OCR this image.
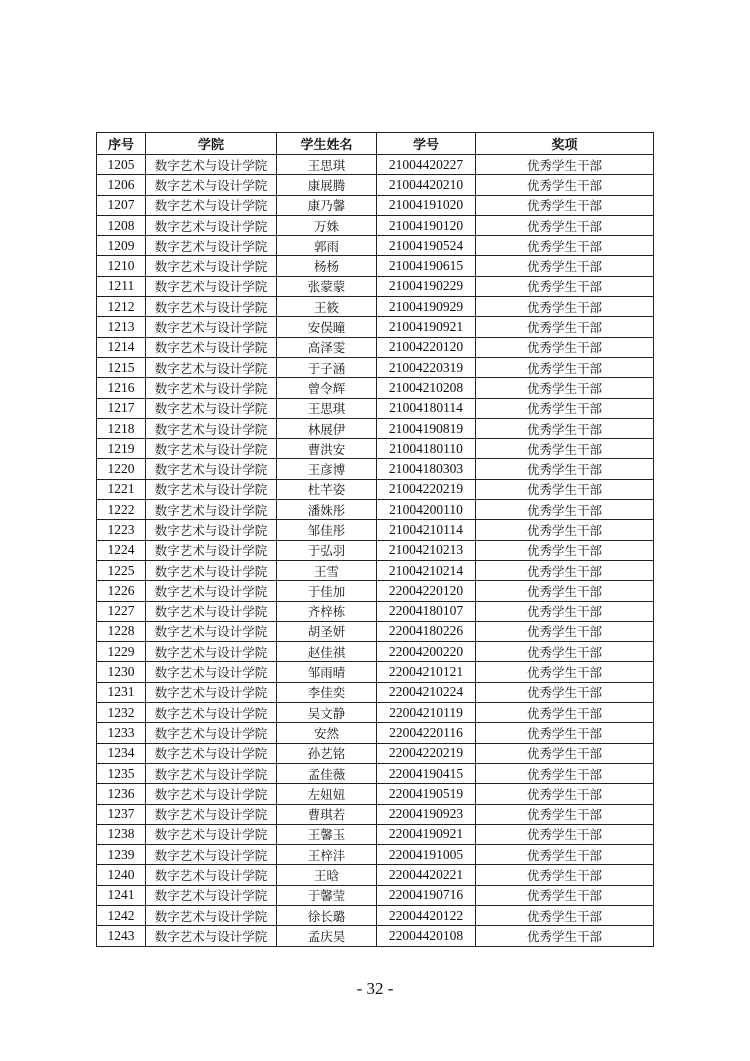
序号	学院	学生姓名	学号	奖项
1205	数字艺术与设计学院	王思琪	21004420227	优秀学生干部
1206	数字艺术与设计学院	康展腾	21004420210	优秀学生干部
1207	数字艺术与设计学院	康乃馨	21004191020	优秀学生干部
1208	数字艺术与设计学院	万姝	21004190120	优秀学生干部
1209	数字艺术与设计学院	郭雨	21004190524	优秀学生干部
1210	数字艺术与设计学院	杨杨	21004190615	优秀学生干部
1211	数字艺术与设计学院	张蒙蒙	21004190229	优秀学生干部
1212	数字艺术与设计学院	王筱	21004190929	优秀学生干部
1213	数字艺术与设计学院	安俣曈	21004190921	优秀学生干部
1214	数字艺术与设计学院	高泽雯	21004220120	优秀学生干部
1215	数字艺术与设计学院	于子涵	21004220319	优秀学生干部
1216	数字艺术与设计学院	曾令辉	21004210208	优秀学生干部
1217	数字艺术与设计学院	王思琪	21004180114	优秀学生干部
1218	数字艺术与设计学院	林展伊	21004190819	优秀学生干部
1219	数字艺术与设计学院	曹洪安	21004180110	优秀学生干部
1220	数字艺术与设计学院	王彦博	21004180303	优秀学生干部
1221	数字艺术与设计学院	杜芊姿	21004220219	优秀学生干部
1222	数字艺术与设计学院	潘姝彤	21004200110	优秀学生干部
1223	数字艺术与设计学院	邹佳彤	21004210114	优秀学生干部
1224	数字艺术与设计学院	于弘羽	21004210213	优秀学生干部
1225	数字艺术与设计学院	王雪	21004210214	优秀学生干部
1226	数字艺术与设计学院	于佳加	22004220120	优秀学生干部
1227	数字艺术与设计学院	齐梓栋	22004180107	优秀学生干部
1228	数字艺术与设计学院	胡圣妍	22004180226	优秀学生干部
1229	数字艺术与设计学院	赵佳祺	22004200220	优秀学生干部
1230	数字艺术与设计学院	邹雨晴	22004210121	优秀学生干部
1231	数字艺术与设计学院	李佳奕	22004210224	优秀学生干部
1232	数字艺术与设计学院	吴文静	22004210119	优秀学生干部
1233	数字艺术与设计学院	安然	22004220116	优秀学生干部
1234	数字艺术与设计学院	孙艺铭	22004220219	优秀学生干部
1235	数字艺术与设计学院	孟佳薇	22004190415	优秀学生干部
1236	数字艺术与设计学院	左妞妞	22004190519	优秀学生干部
1237	数字艺术与设计学院	曹琪若	22004190923	优秀学生干部
1238	数字艺术与设计学院	王馨玉	22004190921	优秀学生干部
1239	数字艺术与设计学院	王梓沣	22004191005	优秀学生干部
1240	数字艺术与设计学院	王晗	22004420221	优秀学生干部
1241	数字艺术与设计学院	于馨莹	22004190716	优秀学生干部
1242	数字艺术与设计学院	徐长璐	22004420122	优秀学生干部
1243	数字艺术与设计学院	孟庆昊	22004420108	优秀学生干部
- 32 -
